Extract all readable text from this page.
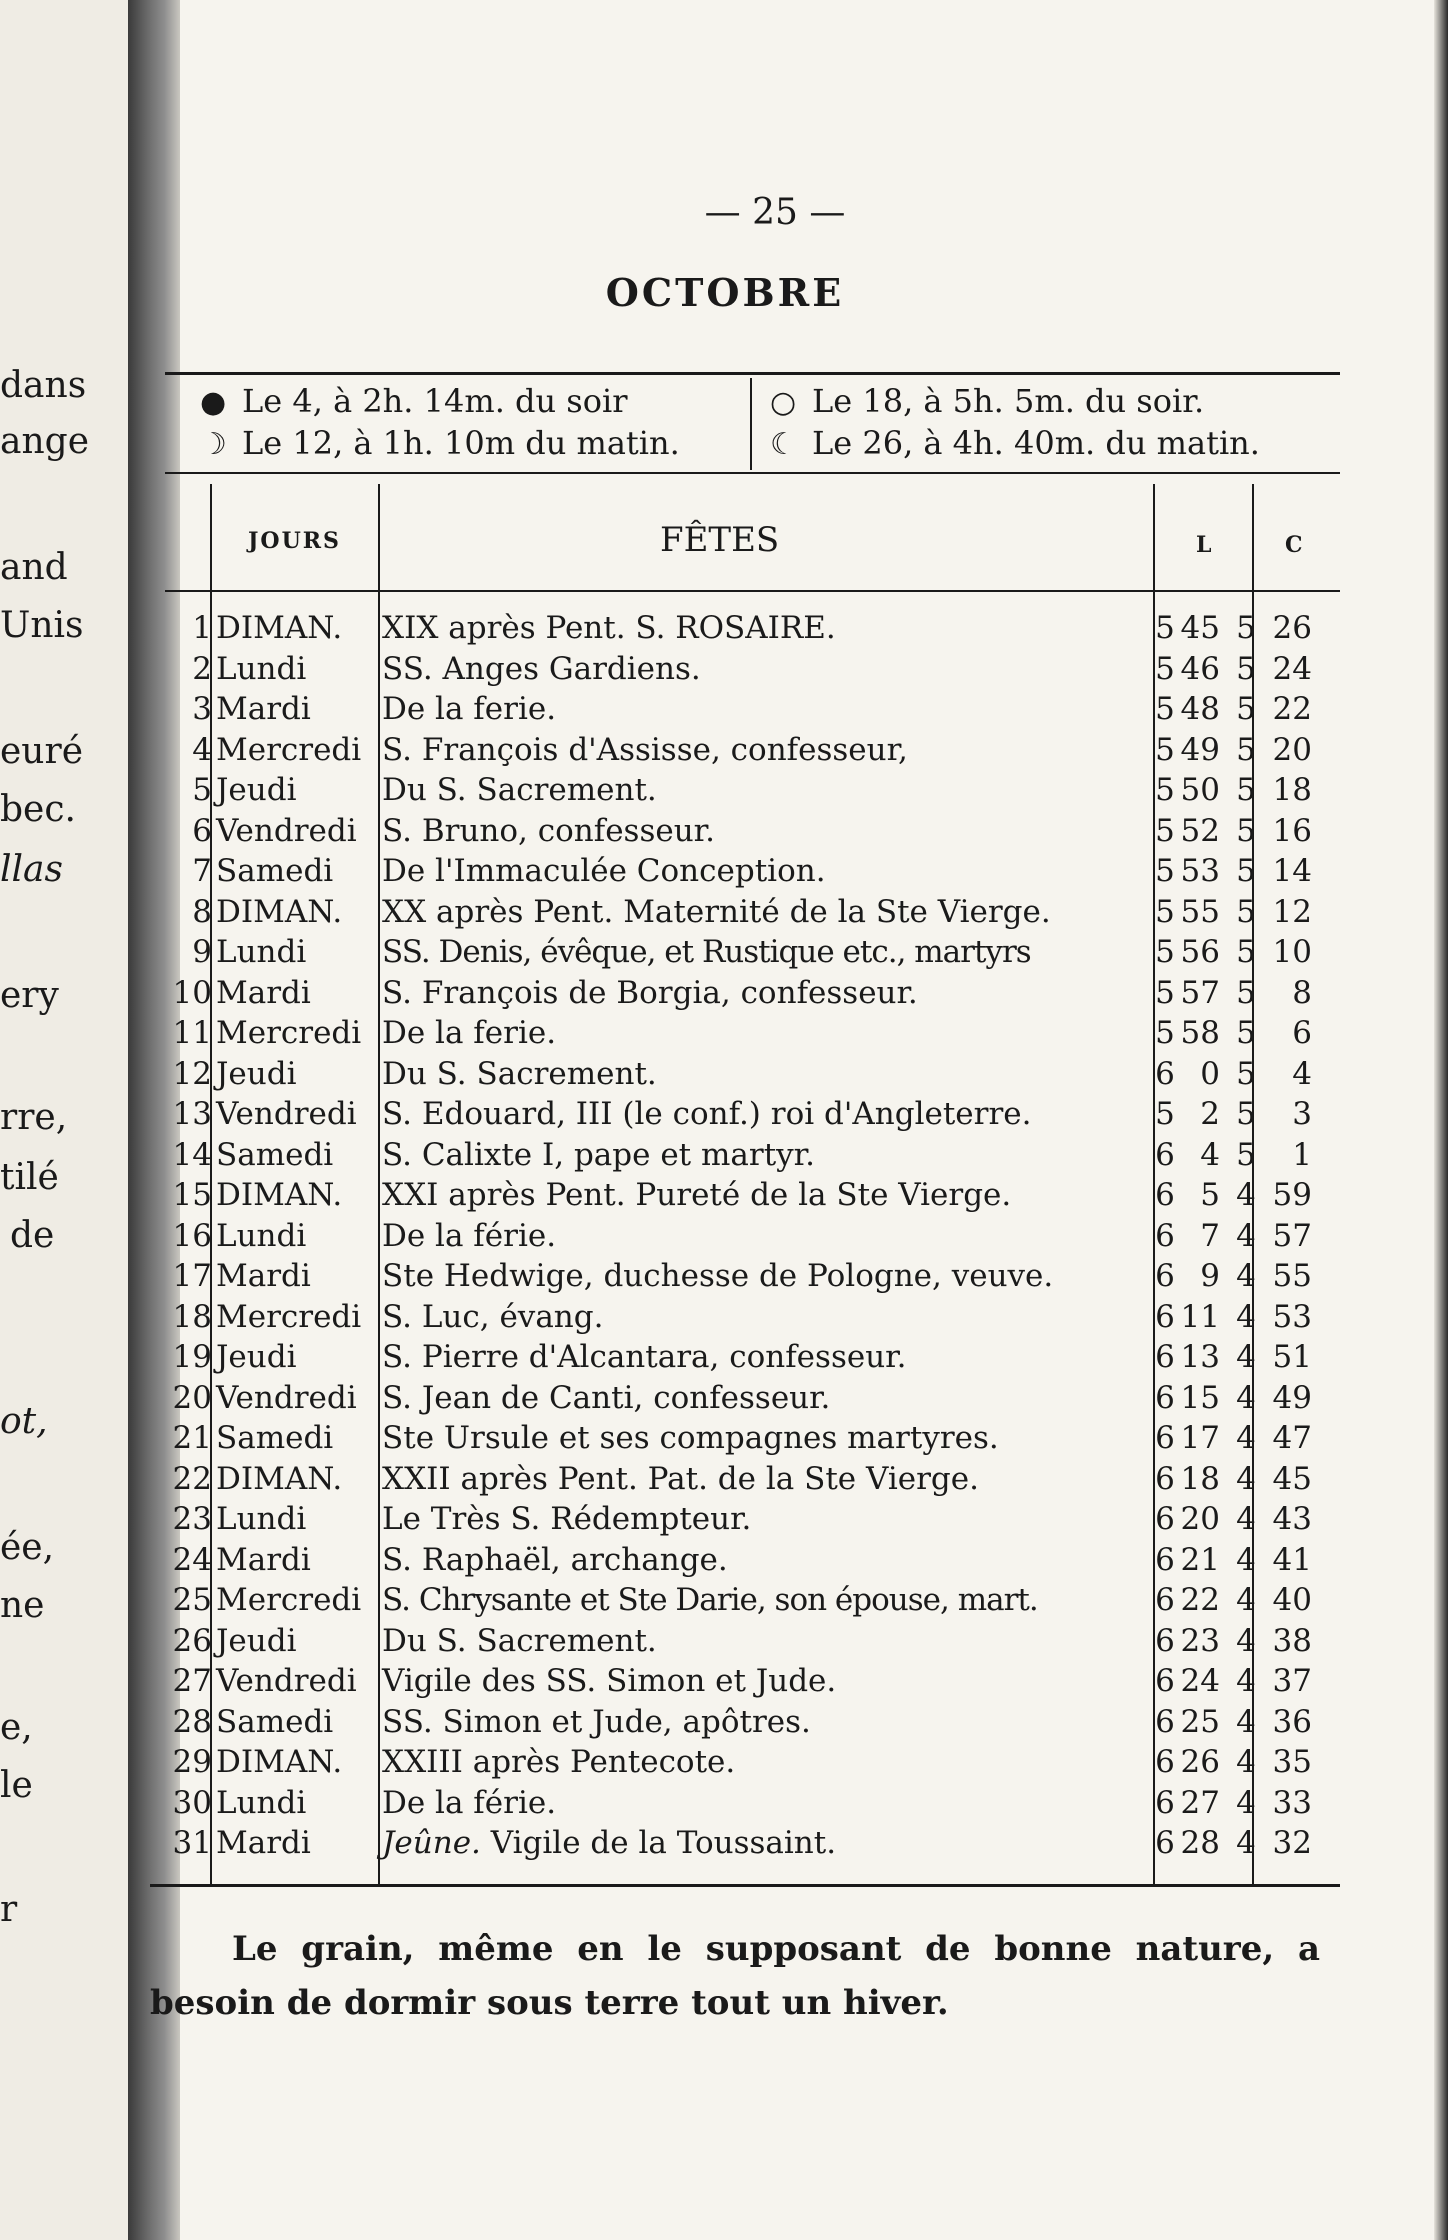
dans
ange
and
Unis
euré
bec.
llas
ery
rre,
tilé
de
ot,
ée,
ne
e,
le
r
— 25 —
OCTOBRE
● Le 4, à 2h. 14m. du soir
☽ Le 12, à 1h. 10m du matin.
○ Le 18, à 5h. 5m. du soir.
☾ Le 26, à 4h. 40m. du matin.
JOURS	FÊTES	L	C
1 DIMAN.	XIX après Pent. S. ROSAIRE.	5 45 5 26
2 Lundi	SS. Anges Gardiens.	5 46 5 24
3 Mardi	De la ferie.	5 48 5 22
4 Mercredi S. François d'Assisse, confesseur,	5 49 5 20
5 Jeudi	Du S. Sacrement.	5 50 5 18
6 Vendredi S. Bruno, confesseur.	5 52 5 16
7 Samedi	De l'Immaculée Conception.	5 53 5 14
8 DIMAN.	XX après Pent. Maternité de la Ste Vierge.	5 55 5 12
9 Lundi	SS. Denis, évêque, et Rustique etc., martyrs	5 56 5 10
10 Mardi	S. François de Borgia, confesseur.	5 57 5	8
11 Mercredi De la ferie.	5 58 5	6
12 Jeudi	Du S. Sacrement.	6 0 5	4
13 Vendredi S. Edouard, III (le conf.) roi d'Angleterre.	5 2 5	3
14 Samedi	S. Calixte I, pape et martyr.	6 4 5	1
15 DIMAN.	XXI après Pent. Pureté de la Ste Vierge.	6 5 4 59
16 Lundi	De la férie.	6 7 4 57
17 Mardi	Ste Hedwige, duchesse de Pologne, veuve.	6 9 4 55
18 Mercredi S. Luc, évang.	6 11 4 53
19 Jeudi	S. Pierre d'Alcantara, confesseur.	6 13 4 51
20 Vendredi S. Jean de Canti, confesseur.	6 15 4 49
21 Samedi	Ste Ursule et ses compagnes martyres.	6 17 4 47
22 DIMAN.	XXII après Pent. Pat. de la Ste Vierge.	6 18 4 45
23 Lundi	Le Très S. Rédempteur.	6 20 4 43
24 Mardi	S. Raphaël, archange.	6 21 4 41
25 Mercredi S. Chrysante et Ste Darie, son épouse, mart.	6 22 4 40
26 Jeudi	Du S. Sacrement.	6 23 4 38
27 Vendredi Vigile des SS. Simon et Jude.	6 24 4 37
28 Samedi	SS. Simon et Jude, apôtres.	6 25 4 36
29 DIMAN.	XXIII après Pentecote.	6 26 4 35
30 Lundi	De la férie.	6 27 4 33
31 Mardi	Jeûne. Vigile de la Toussaint.	6 28 4 32
Le grain, même en le supposant de bonne nature, a besoin de dormir sous terre tout un hiver.
